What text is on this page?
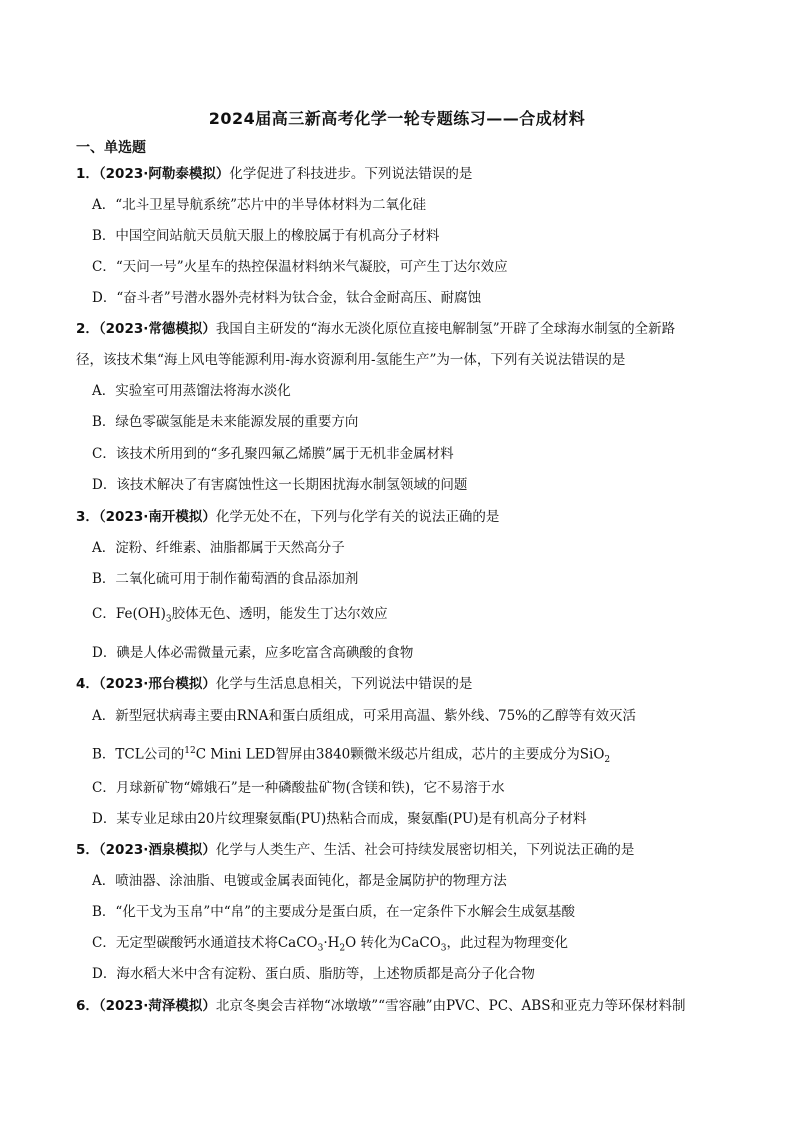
2024届高三新高考化学一轮专题练习——合成材料
一、单选题
1．（2023·阿勒泰模拟）化学促进了科技进步。下列说法错误的是
A．“北斗卫星导航系统”芯片中的半导体材料为二氧化硅
B．中国空间站航天员航天服上的橡胶属于有机高分子材料
C．“天问一号”火星车的热控保温材料纳米气凝胶，可产生丁达尔效应
D．“奋斗者”号潜水器外壳材料为钛合金，钛合金耐高压、耐腐蚀
2．（2023·常德模拟）我国自主研发的“海水无淡化原位直接电解制氢”开辟了全球海水制氢的全新路
径，该技术集“海上风电等能源利用-海水资源利用-氢能生产”为一体，下列有关说法错误的是
A．实验室可用蒸馏法将海水淡化
B．绿色零碳氢能是未来能源发展的重要方向
C．该技术所用到的“多孔聚四氟乙烯膜”属于无机非金属材料
D．该技术解决了有害腐蚀性这一长期困扰海水制氢领域的问题
3．（2023·南开模拟）化学无处不在，下列与化学有关的说法正确的是
A．淀粉、纤维素、油脂都属于天然高分子
B．二氧化硫可用于制作葡萄酒的食品添加剂
C．$Fe(OH)_3$胶体无色、透明，能发生丁达尔效应
D．碘是人体必需微量元素，应多吃富含高碘酸的食物
4．（2023·邢台模拟）化学与生活息息相关，下列说法中错误的是
A．新型冠状病毒主要由RNA和蛋白质组成，可采用高温、紫外线、75%的乙醇等有效灭活
B．TCL公司的$^{12}$C Mini LED智屏由3840颗微米级芯片组成，芯片的主要成分为SiO$_2$
C．月球新矿物“嫦娥石”是一种磷酸盐矿物(含镁和铁)，它不易溶于水
D．某专业足球由20片纹理聚氨酯(PU)热粘合而成，聚氨酯(PU)是有机高分子材料
5．（2023·酒泉模拟）化学与人类生产、生活、社会可持续发展密切相关，下列说法正确的是
A．喷油器、涂油脂、电镀或金属表面钝化，都是金属防护的物理方法
B．“化干戈为玉帛”中“帛”的主要成分是蛋白质，在一定条件下水解会生成氨基酸
C．无定型碳酸钙水通道技术将$CaCO_3\cdot H_2O$ 转化为CaCO$_3$，此过程为物理变化
D．海水稻大米中含有淀粉、蛋白质、脂肪等，上述物质都是高分子化合物
6．（2023·菏泽模拟）北京冬奥会吉祥物“冰墩墩”“雪容融”由PVC、PC、ABS和亚克力等环保材料制
